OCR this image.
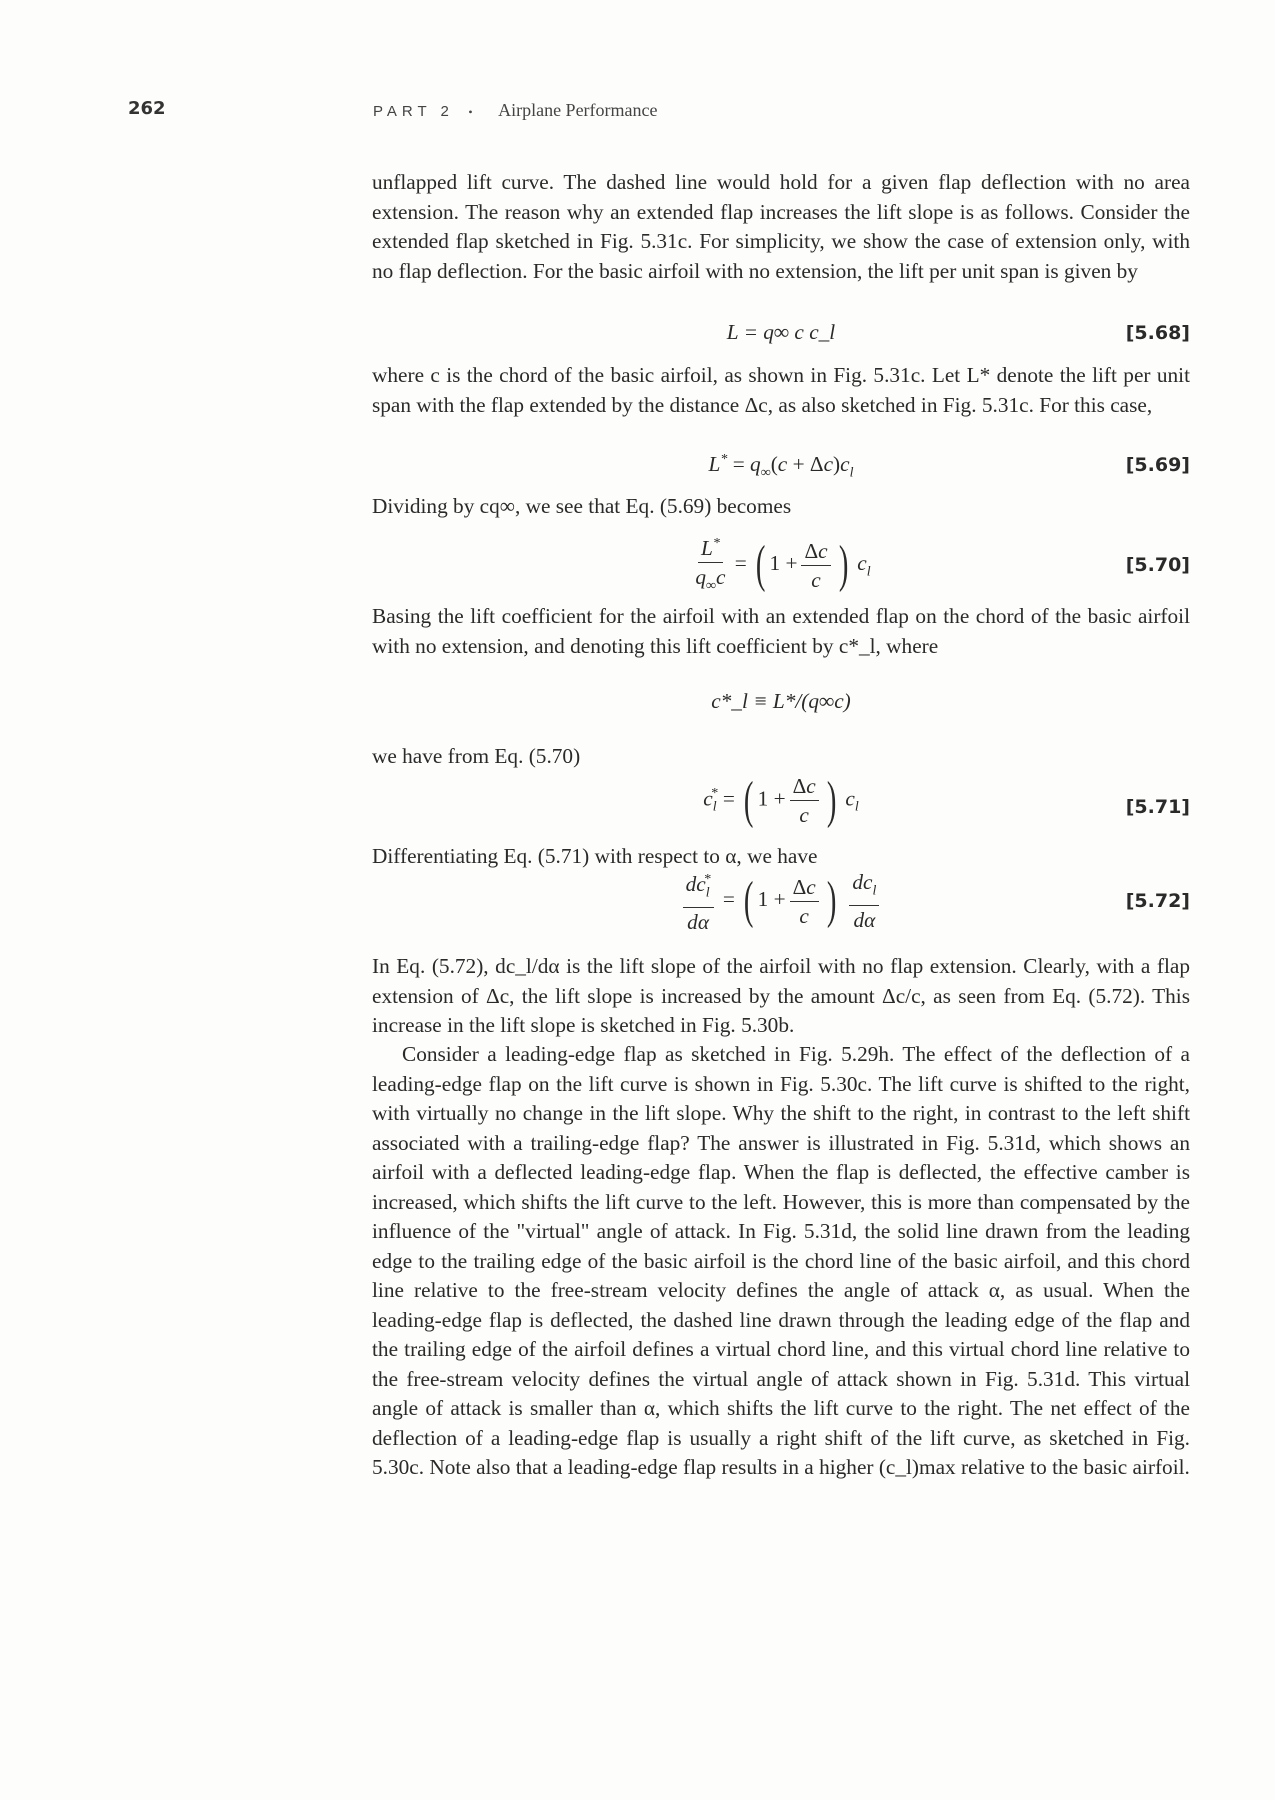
262	PART 2 • Airplane Performance
unflapped lift curve. The dashed line would hold for a given flap deflection with no area extension. The reason why an extended flap increases the lift slope is as follows. Consider the extended flap sketched in Fig. 5.31c. For simplicity, we show the case of extension only, with no flap deflection. For the basic airfoil with no extension, the lift per unit span is given by
L = q∞ c c_l	[5.68]
where c is the chord of the basic airfoil, as shown in Fig. 5.31c. Let L* denote the lift per unit span with the flap extended by the distance Δc, as also sketched in Fig. 5.31c. For this case,
$L^* = q_\infty(c + \Delta c)c_l$	[5.69]
Dividing by cq∞, we see that Eq. (5.69) becomes
$\frac{L^*}{q_\infty c}$ = ( $1 + \frac{\Delta c}{c}$ ) $c_l$	[5.70]
Basing the lift coefficient for the airfoil with an extended flap on the chord of the basic airfoil with no extension, and denoting this lift coefficient by c*_l, where
c*_l ≡ L*/(q∞c)
we have from Eq. (5.70)
$c_l^*$ = ( $1 + \frac{\Delta c}{c}$ ) $c_l$	[5.71]
Differentiating Eq. (5.71) with respect to α, we have
$\frac{dc_l^*}{d\alpha}$ = ( $1 + \frac{\Delta c}{c}$ ) $\frac{dc_l}{d\alpha}$	[5.72]
In Eq. (5.72), dc_l/dα is the lift slope of the airfoil with no flap extension. Clearly, with a flap extension of Δc, the lift slope is increased by the amount Δc/c, as seen from Eq. (5.72). This increase in the lift slope is sketched in Fig. 5.30b.
Consider a leading-edge flap as sketched in Fig. 5.29h. The effect of the deflection of a leading-edge flap on the lift curve is shown in Fig. 5.30c. The lift curve is shifted to the right, with virtually no change in the lift slope. Why the shift to the right, in contrast to the left shift associated with a trailing-edge flap? The answer is illustrated in Fig. 5.31d, which shows an airfoil with a deflected leading-edge flap. When the flap is deflected, the effective camber is increased, which shifts the lift curve to the left. However, this is more than compensated by the influence of the "virtual" angle of attack. In Fig. 5.31d, the solid line drawn from the leading edge to the trailing edge of the basic airfoil is the chord line of the basic airfoil, and this chord line relative to the free-stream velocity defines the angle of attack α, as usual. When the leading-edge flap is deflected, the dashed line drawn through the leading edge of the flap and the trailing edge of the airfoil defines a virtual chord line, and this virtual chord line relative to the free-stream velocity defines the virtual angle of attack shown in Fig. 5.31d. This virtual angle of attack is smaller than α, which shifts the lift curve to the right. The net effect of the deflection of a leading-edge flap is usually a right shift of the lift curve, as sketched in Fig. 5.30c. Note also that a leading-edge flap results in a higher (c_l)max relative to the basic airfoil.
